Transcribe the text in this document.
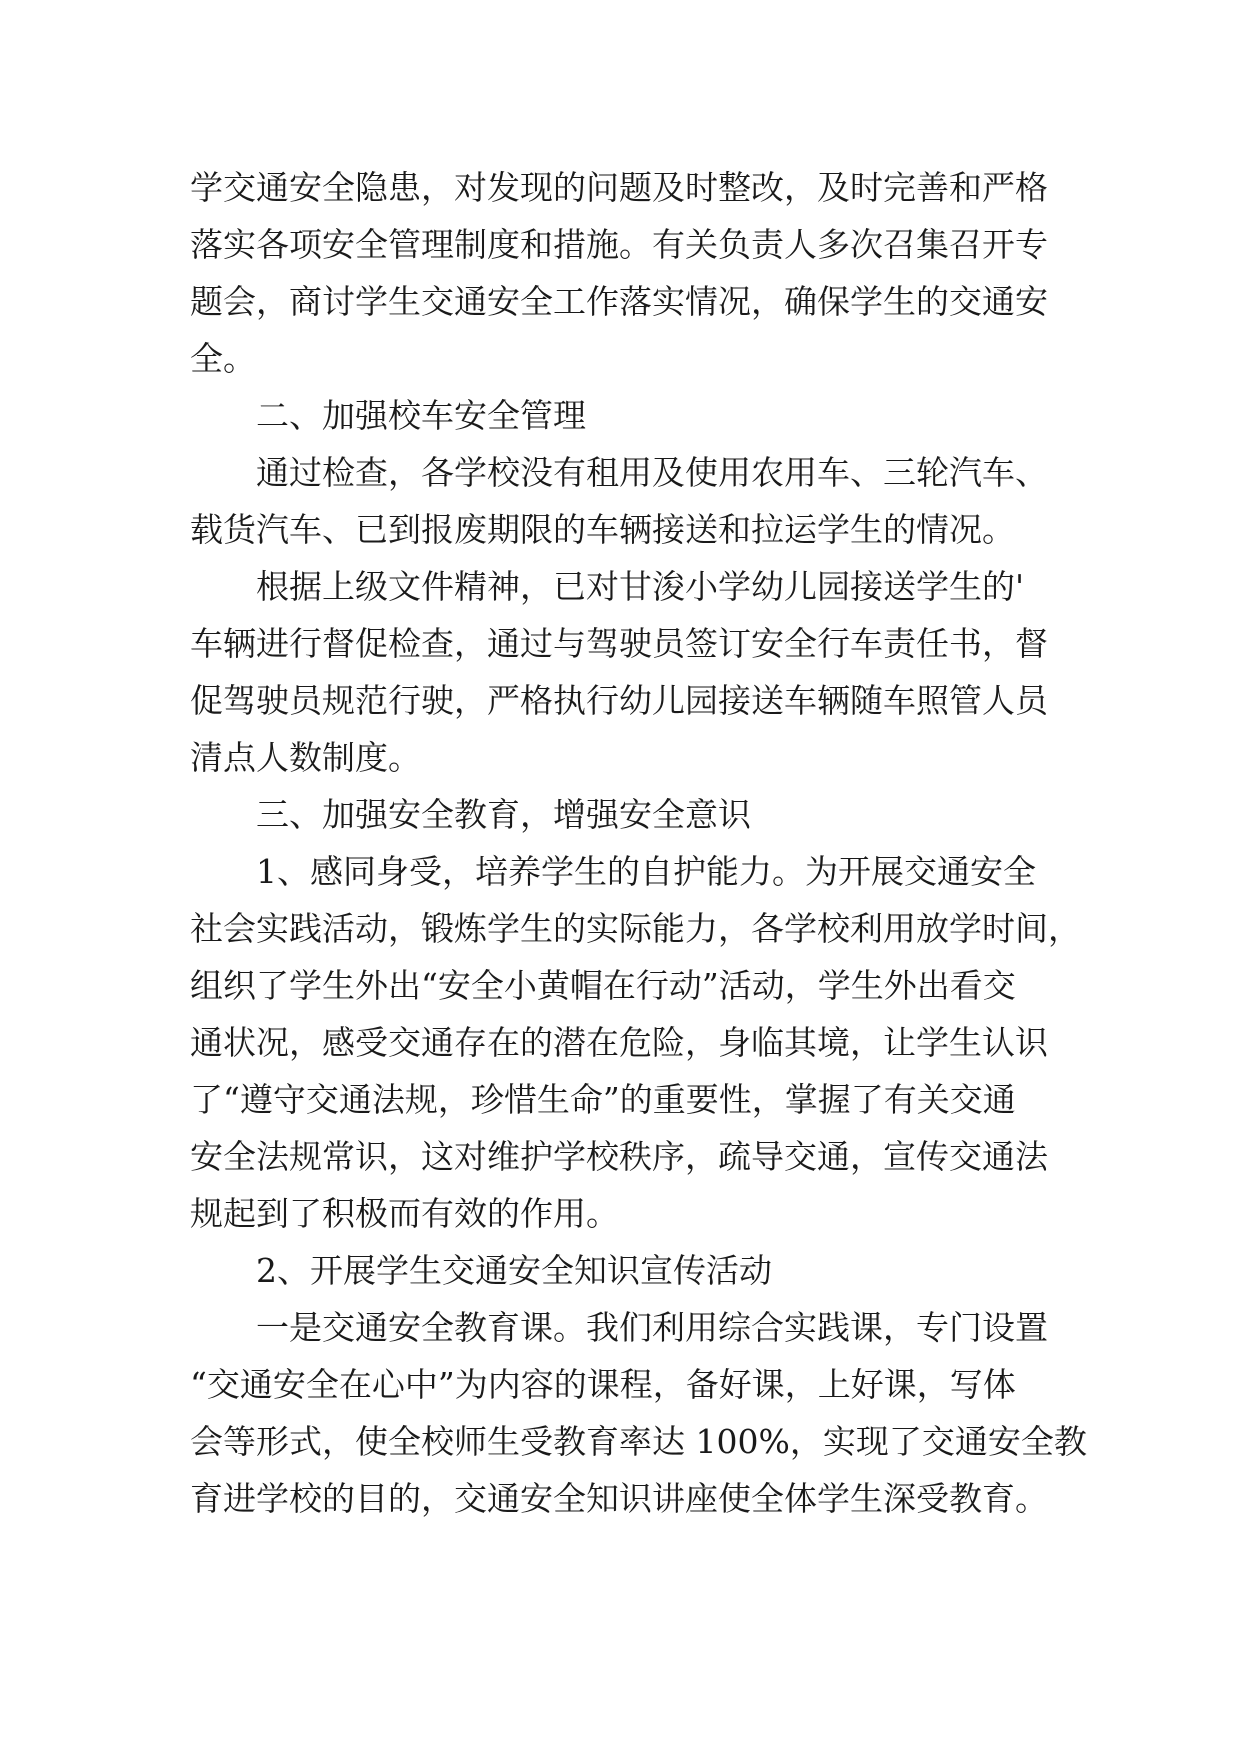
学交通安全隐患，对发现的问题及时整改，及时完善和严格
落实各项安全管理制度和措施。有关负责人多次召集召开专
题会，商讨学生交通安全工作落实情况，确保学生的交通安
全。
二、加强校车安全管理
通过检查，各学校没有租用及使用农用车、三轮汽车、
载货汽车、已到报废期限的车辆接送和拉运学生的情况。
根据上级文件精神，已对甘浚小学幼儿园接送学生的'
车辆进行督促检查，通过与驾驶员签订安全行车责任书，督
促驾驶员规范行驶，严格执行幼儿园接送车辆随车照管人员
清点人数制度。
三、加强安全教育，增强安全意识
1、感同身受，培养学生的自护能力。为开展交通安全
社会实践活动，锻炼学生的实际能力，各学校利用放学时间，
组织了学生外出“安全小黄帽在行动”活动，学生外出看交
通状况，感受交通存在的潜在危险，身临其境，让学生认识
了“遵守交通法规，珍惜生命”的重要性，掌握了有关交通
安全法规常识，这对维护学校秩序，疏导交通，宣传交通法
规起到了积极而有效的作用。
2、开展学生交通安全知识宣传活动
一是交通安全教育课。我们利用综合实践课，专门设置
“交通安全在心中”为内容的课程，备好课，上好课，写体
会等形式，使全校师生受教育率达 100%，实现了交通安全教
育进学校的目的，交通安全知识讲座使全体学生深受教育。
